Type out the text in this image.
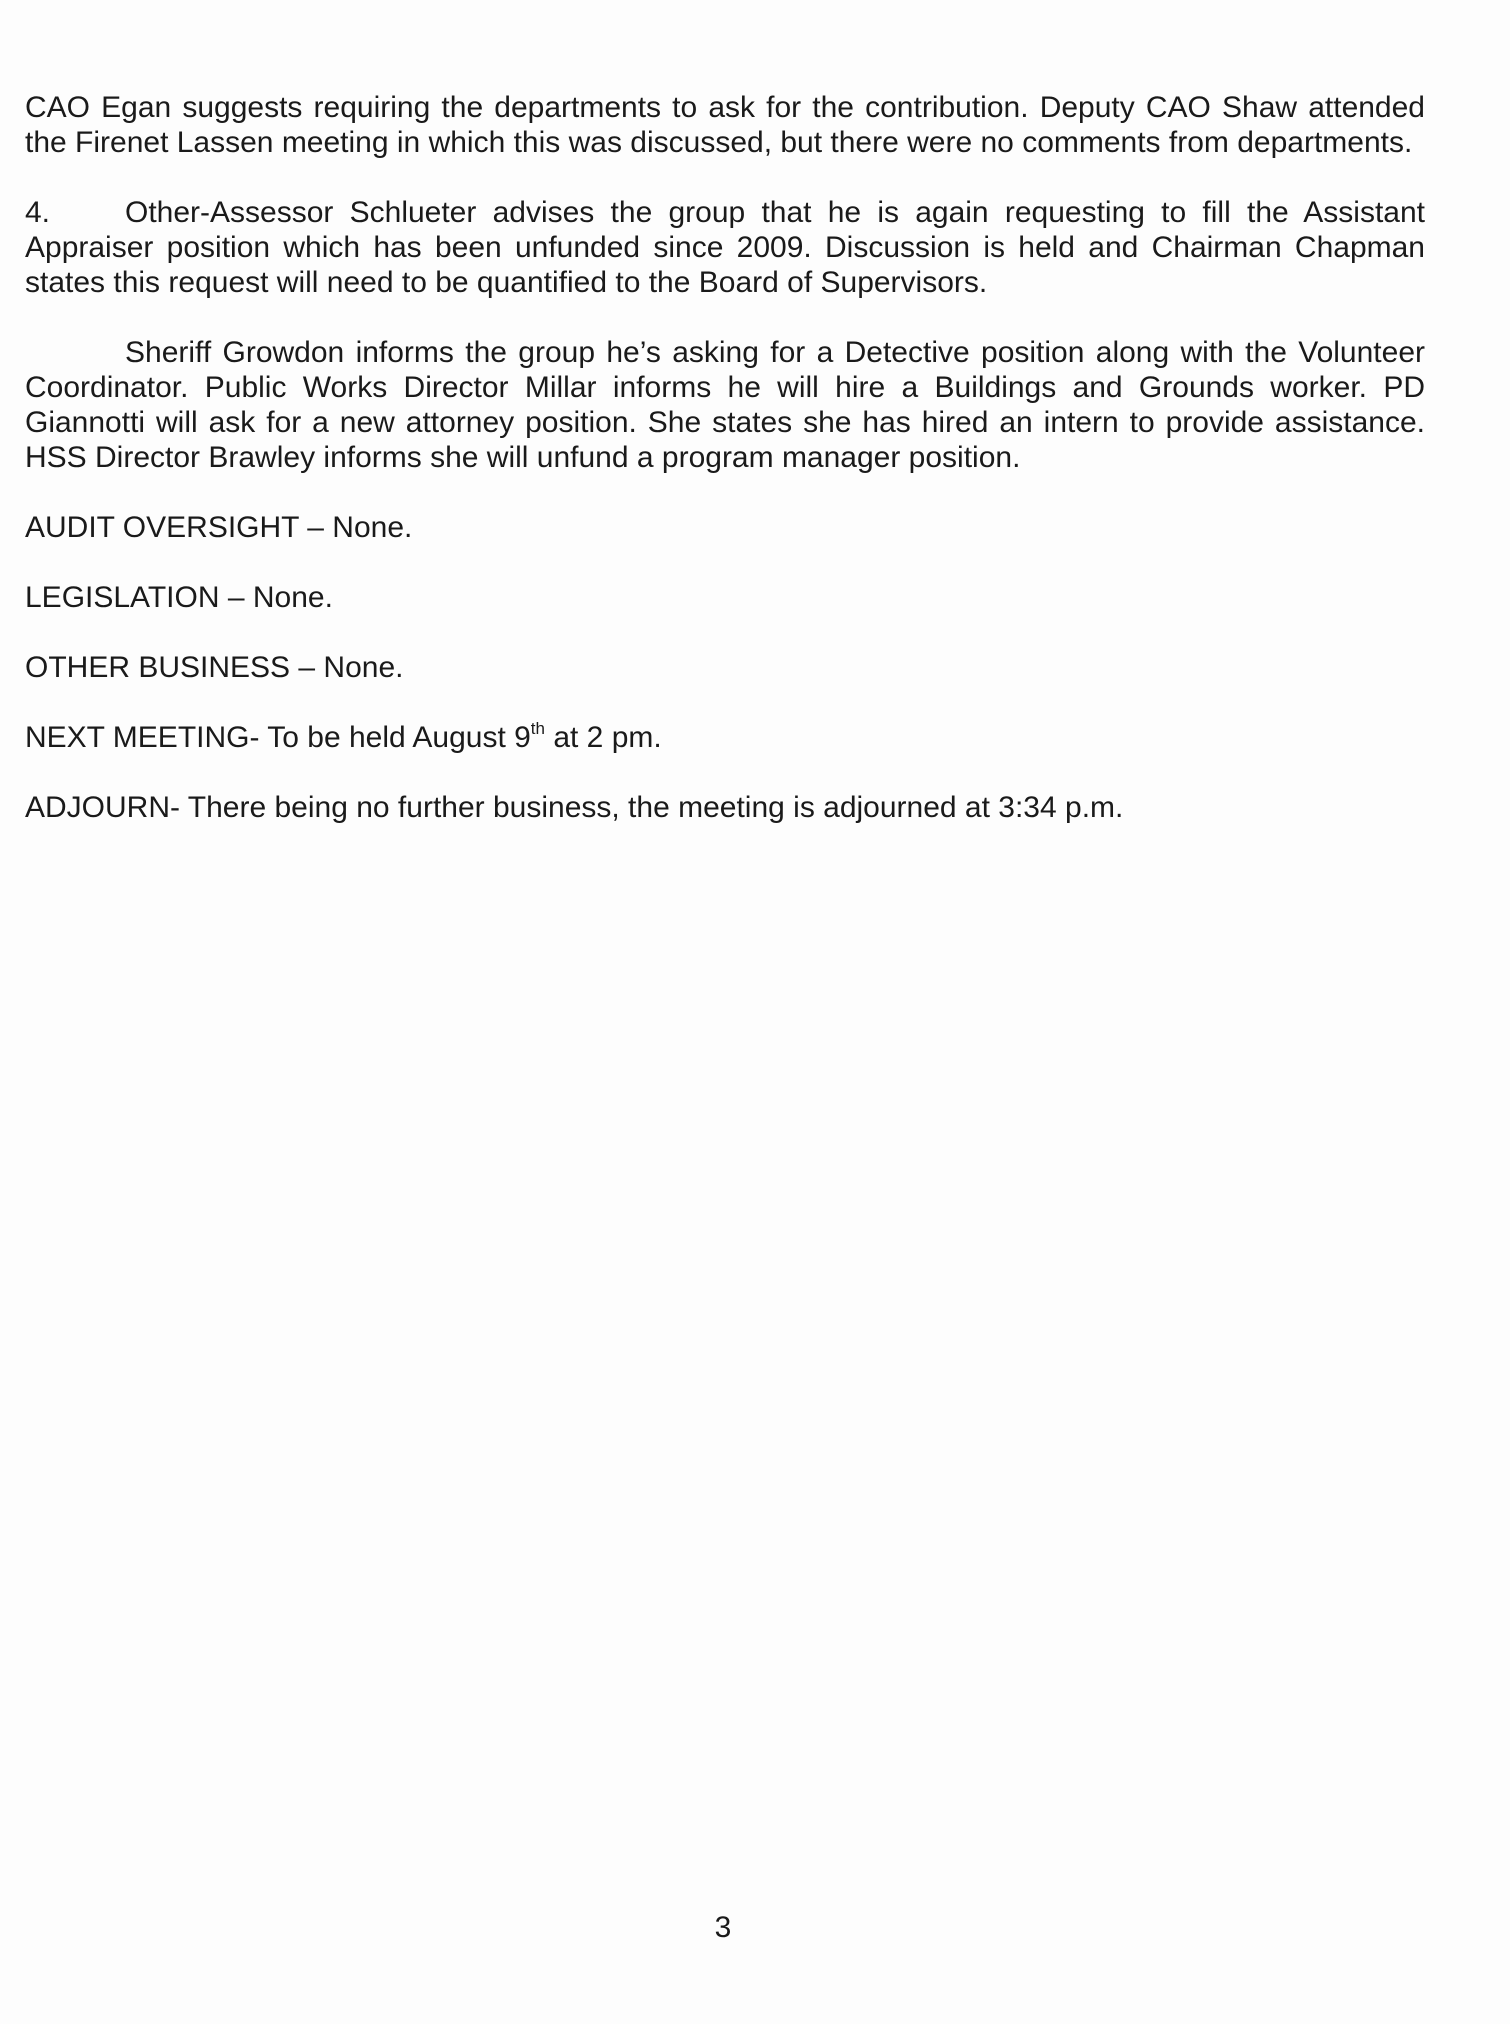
CAO Egan suggests requiring the departments to ask for the contribution. Deputy CAO Shaw attended the Firenet Lassen meeting in which this was discussed, but there were no comments from departments.

4. Other-Assessor Schlueter advises the group that he is again requesting to fill the Assistant Appraiser position which has been unfunded since 2009. Discussion is held and Chairman Chapman states this request will need to be quantified to the Board of Supervisors.

Sheriff Growdon informs the group he’s asking for a Detective position along with the Volunteer Coordinator. Public Works Director Millar informs he will hire a Buildings and Grounds worker. PD Giannotti will ask for a new attorney position. She states she has hired an intern to provide assistance. HSS Director Brawley informs she will unfund a program manager position.

AUDIT OVERSIGHT – None.

LEGISLATION – None.

OTHER BUSINESS – None.

NEXT MEETING- To be held August 9th at 2 pm.

ADJOURN- There being no further business, the meeting is adjourned at 3:34 p.m.

3
